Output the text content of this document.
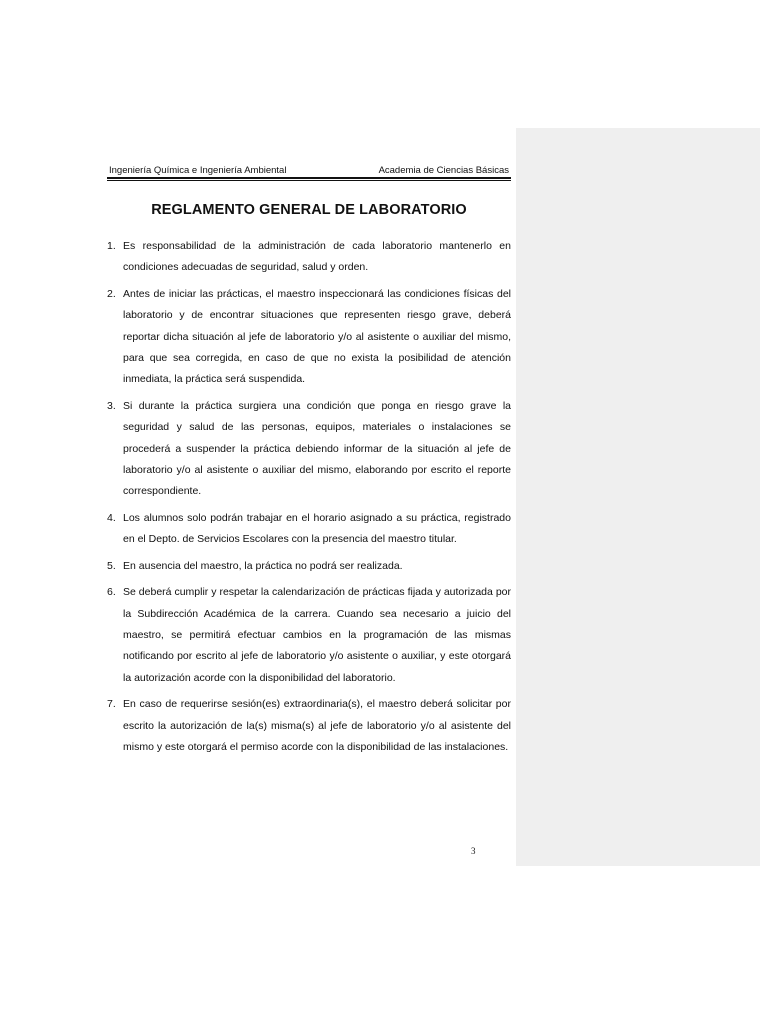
Ingeniería Química e Ingeniería Ambiental	Academia de Ciencias Básicas
REGLAMENTO GENERAL DE LABORATORIO
1. Es responsabilidad de la administración de cada laboratorio mantenerlo en condiciones adecuadas de seguridad, salud y orden.
2. Antes de iniciar las prácticas, el maestro inspeccionará las condiciones físicas del laboratorio y de encontrar situaciones que representen riesgo grave, deberá reportar dicha situación al jefe de laboratorio y/o al asistente o auxiliar del mismo, para que sea corregida, en caso de que no exista la posibilidad de atención inmediata, la práctica será suspendida.
3. Si durante la práctica surgiera una condición que ponga en riesgo grave la seguridad y salud de las personas, equipos, materiales o instalaciones se procederá a suspender la práctica debiendo informar de la situación al jefe de laboratorio y/o al asistente o auxiliar del mismo, elaborando por escrito el reporte correspondiente.
4. Los alumnos solo podrán trabajar en el horario asignado a su práctica, registrado en el Depto. de Servicios Escolares con la presencia del maestro titular.
5. En ausencia del maestro, la práctica no podrá ser realizada.
6. Se deberá cumplir y respetar la calendarización de prácticas fijada y autorizada por la Subdirección Académica de la carrera. Cuando sea necesario a juicio del maestro, se permitirá efectuar cambios en la programación de las mismas notificando por escrito al jefe de laboratorio y/o asistente o auxiliar, y este otorgará la autorización acorde con la disponibilidad del laboratorio.
7. En caso de requerirse sesión(es) extraordinaria(s), el maestro deberá solicitar por escrito la autorización de la(s) misma(s) al jefe de laboratorio y/o al asistente del mismo y este otorgará el permiso acorde con la disponibilidad de las instalaciones.
3
